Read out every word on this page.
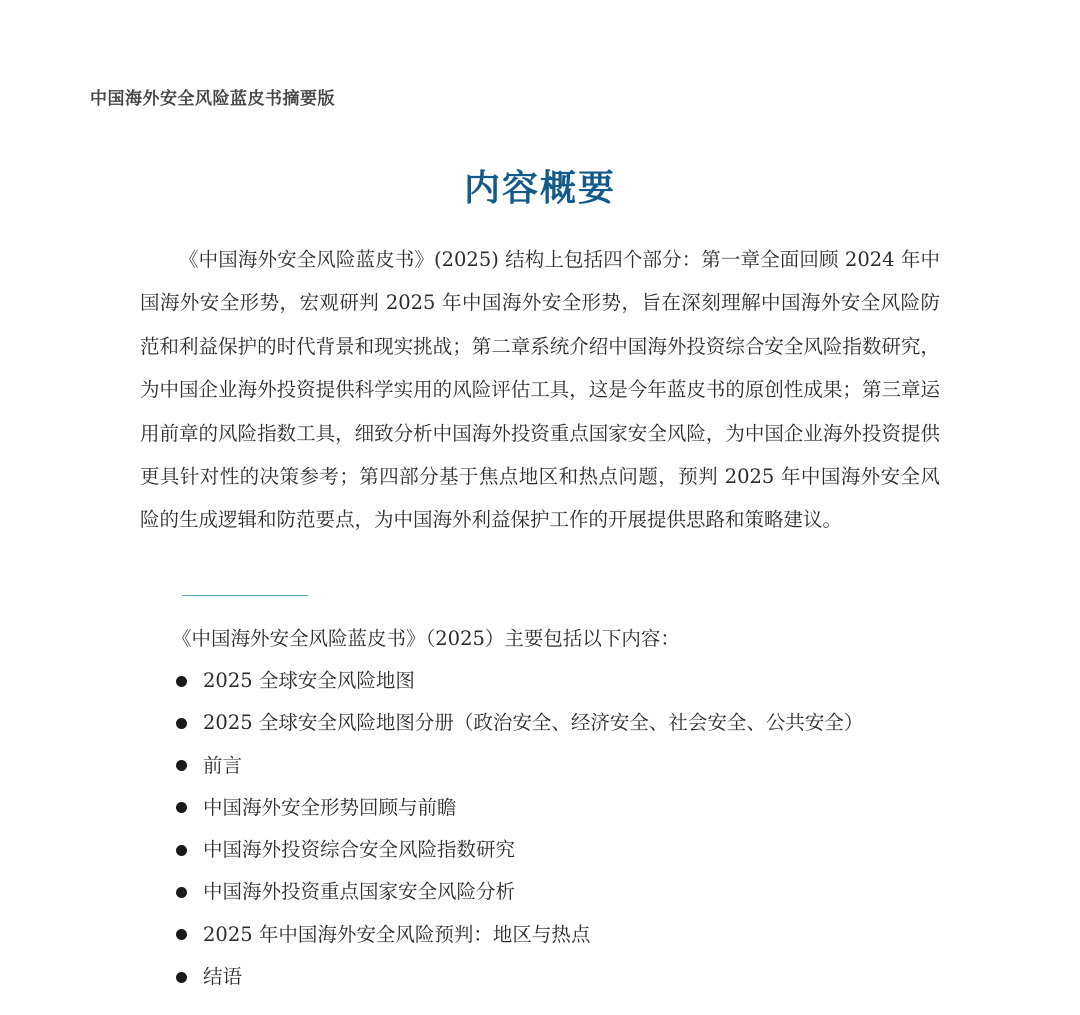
中国海外安全风险蓝皮书摘要版
内容概要

《中国海外安全风险蓝皮书》(2025) 结构上包括四个部分：第一章全面回顾 2024 年中国海外安全形势，宏观研判 2025 年中国海外安全形势，旨在深刻理解中国海外安全风险防范和利益保护的时代背景和现实挑战；第二章系统介绍中国海外投资综合安全风险指数研究，为中国企业海外投资提供科学实用的风险评估工具，这是今年蓝皮书的原创性成果；第三章运用前章的风险指数工具，细致分析中国海外投资重点国家安全风险，为中国企业海外投资提供更具针对性的决策参考；第四部分基于焦点地区和热点问题，预判 2025 年中国海外安全风险的生成逻辑和防范要点，为中国海外利益保护工作的开展提供思路和策略建议。

《中国海外安全风险蓝皮书》（2025）主要包括以下内容：
2025 全球安全风险地图
2025 全球安全风险地图分册（政治安全、经济安全、社会安全、公共安全）
前言
中国海外安全形势回顾与前瞻
中国海外投资综合安全风险指数研究
中国海外投资重点国家安全风险分析
2025 年中国海外安全风险预判：地区与热点
结语
